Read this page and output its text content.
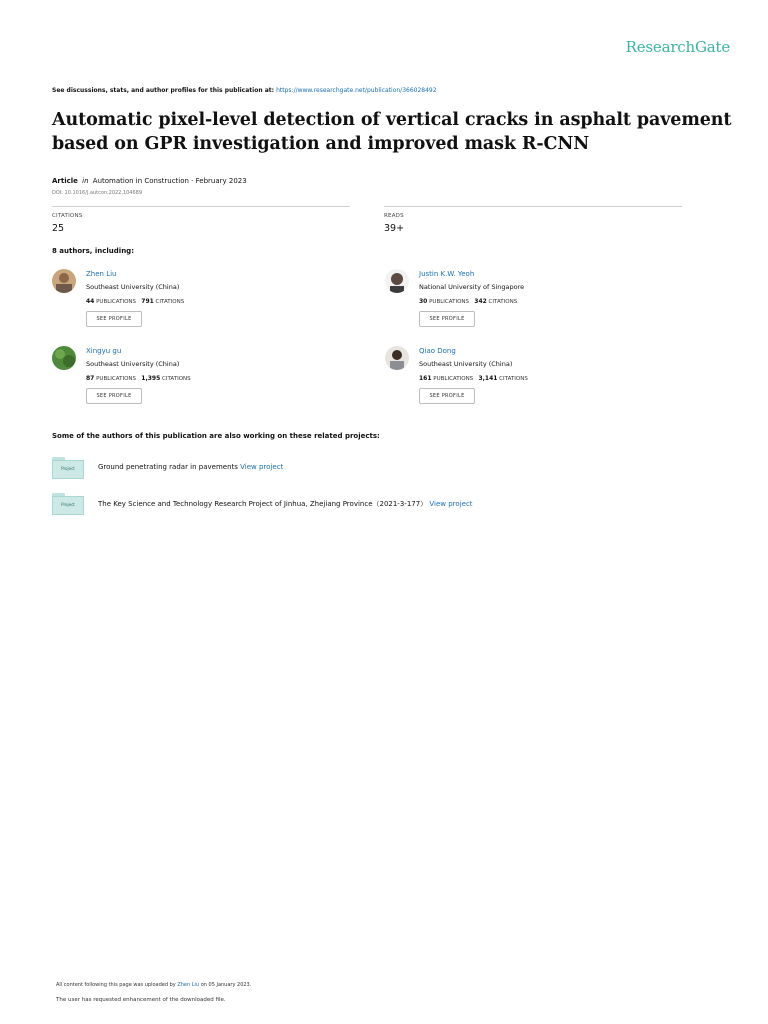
ResearchGate
See discussions, stats, and author profiles for this publication at: https://www.researchgate.net/publication/366028492
Automatic pixel-level detection of vertical cracks in asphalt pavement based on GPR investigation and improved mask R-CNN
Article in Automation in Construction · February 2023
DOI: 10.1016/j.autcon.2022.104689
CITATIONS
25
READS
39+
8 authors, including:
Zhen Liu
Southeast University (China)
44 PUBLICATIONS 791 CITATIONS
SEE PROFILE
Justin K.W. Yeoh
National University of Singapore
30 PUBLICATIONS 342 CITATIONS
SEE PROFILE
Xingyu gu
Southeast University (China)
87 PUBLICATIONS 1,395 CITATIONS
SEE PROFILE
Qiao Dong
Southeast University (China)
161 PUBLICATIONS 3,141 CITATIONS
SEE PROFILE
Some of the authors of this publication are also working on these related projects:
Project	Ground penetrating radar in pavements View project
Project	The Key Science and Technology Research Project of Jinhua, Zhejiang Province（2021-3-177） View project
All content following this page was uploaded by Zhen Liu on 05 January 2023.
The user has requested enhancement of the downloaded file.
